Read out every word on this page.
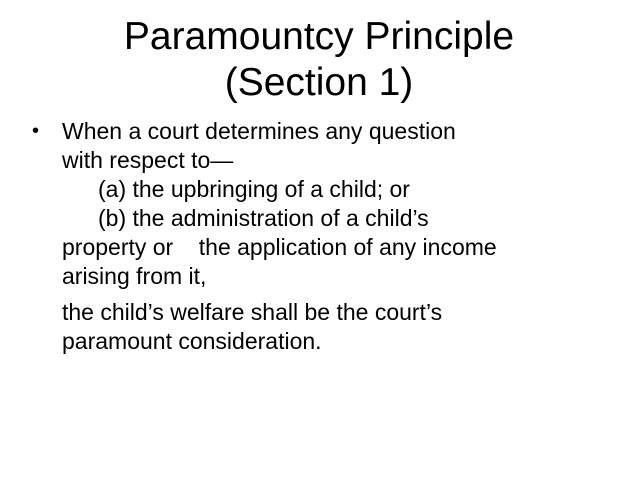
Paramountcy Principle
(Section 1)
• When a court determines any question
with respect to—
(a) the upbringing of a child; or
(b) the administration of a child’s
property or    the application of any income
arising from it,
the child’s welfare shall be the court’s
paramount consideration.
